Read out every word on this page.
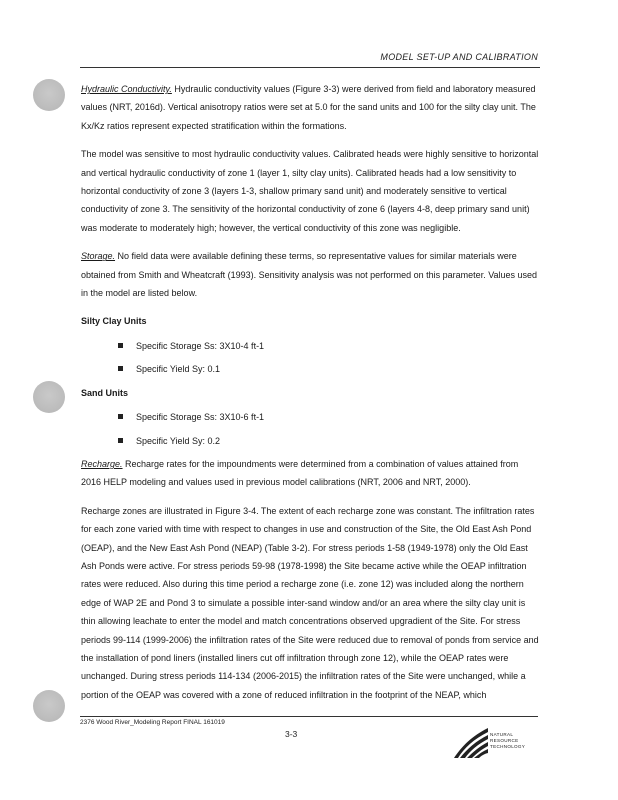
MODEL SET-UP AND CALIBRATION

Hydraulic Conductivity. Hydraulic conductivity values (Figure 3-3) were derived from field and laboratory measured values (NRT, 2016d). Vertical anisotropy ratios were set at 5.0 for the sand units and 100 for the silty clay unit. The Kx/Kz ratios represent expected stratification within the formations.

The model was sensitive to most hydraulic conductivity values. Calibrated heads were highly sensitive to horizontal and vertical hydraulic conductivity of zone 1 (layer 1, silty clay units). Calibrated heads had a low sensitivity to horizontal conductivity of zone 3 (layers 1-3, shallow primary sand unit) and moderately sensitive to vertical conductivity of zone 3. The sensitivity of the horizontal conductivity of zone 6 (layers 4-8, deep primary sand unit) was moderate to moderately high; however, the vertical conductivity of this zone was negligible.

Storage. No field data were available defining these terms, so representative values for similar materials were obtained from Smith and Wheatcraft (1993). Sensitivity analysis was not performed on this parameter. Values used in the model are listed below.

Silty Clay Units
Specific Storage Ss: 3X10-4 ft-1
Specific Yield Sy: 0.1
Sand Units
Specific Storage Ss: 3X10-6 ft-1
Specific Yield Sy: 0.2

Recharge. Recharge rates for the impoundments were determined from a combination of values attained from 2016 HELP modeling and values used in previous model calibrations (NRT, 2006 and NRT, 2000).

Recharge zones are illustrated in Figure 3-4. The extent of each recharge zone was constant. The infiltration rates for each zone varied with time with respect to changes in use and construction of the Site, the Old East Ash Pond (OEAP), and the New East Ash Pond (NEAP) (Table 3-2). For stress periods 1-58 (1949-1978) only the Old East Ash Ponds were active. For stress periods 59-98 (1978-1998) the Site became active while the OEAP infiltration rates were reduced. Also during this time period a recharge zone (i.e. zone 12) was included along the northern edge of WAP 2E and Pond 3 to simulate a possible inter-sand window and/or an area where the silty clay unit is thin allowing leachate to enter the model and match concentrations observed upgradient of the Site. For stress periods 99-114 (1999-2006) the infiltration rates of the Site were reduced due to removal of ponds from service and the installation of pond liners (installed liners cut off infiltration through zone 12), while the OEAP rates were unchanged. During stress periods 114-134 (2006-2015) the infiltration rates of the Site were unchanged, while a portion of the OEAP was covered with a zone of reduced infiltration in the footprint of the NEAP, which

2376 Wood River_Modeling Report FINAL 161019
3-3	NATURAL
RESOURCE
TECHNOLOGY
